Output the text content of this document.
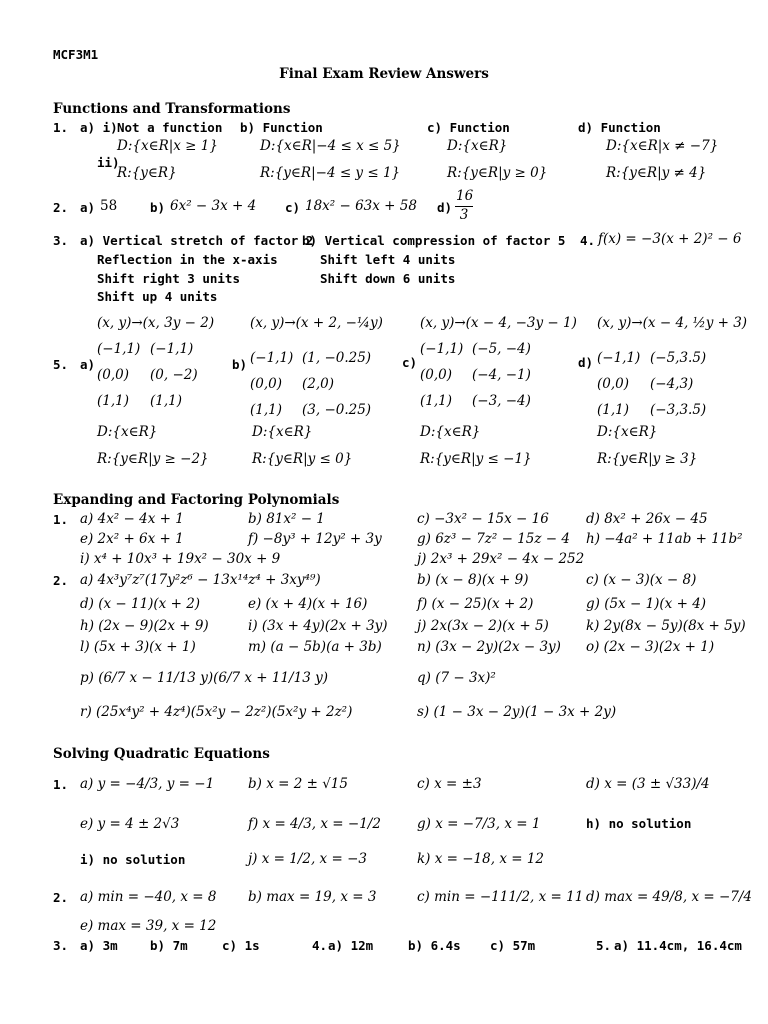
MCF3M1
Final Exam Review Answers
Functions and Transformations
1. a) i) Not a function
ii)
D:{x∈R|x ≥ 1}
R:{y∈R}
b) Function
D:{x∈R|−4 ≤ x ≤ 5}
R:{y∈R|−4 ≤ y ≤ 1}
c) Function
D:{x∈R}
R:{y∈R|y ≥ 0}
d) Function
D:{x∈R|x ≠ −7}
R:{y∈R|y ≠ 4}
2. a) 58	b) 6x² − 3x + 4 c) 18x² − 63x + 58 d)
16
3
3. a) Vertical stretch of factor 2
Reflection in the x-axis
Shift right 3 units
Shift up 4 units
b) Vertical compression of factor 5
Shift left 4 units
Shift down 6 units
4. f(x) = −3(x + 2)² − 6
5. a)
(x, y)→(x, 3y − 2)
(−1,1) (−1,1)
(0,0) (0, −2)
(1,1) (1,1)
D:{x∈R}
R:{y∈R|y ≥ −2}
b)
(x, y)→(x + 2, −¼y)
(−1,1) (1, −0.25)
(0,0) (2,0)
(1,1) (3, −0.25)
D:{x∈R}
R:{y∈R|y ≤ 0}
c)
(x, y)→(x − 4, −3y − 1)
(−1,1) (−5, −4)
(0,0) (−4, −1)
(1,1) (−3, −4)
D:{x∈R}
R:{y∈R|y ≤ −1}
d)
(x, y)→(x − 4, ½y + 3)
(−1,1) (−5,3.5)
(0,0) (−4,3)
(1,1) (−3,3.5)
D:{x∈R}
R:{y∈R|y ≥ 3}
Expanding and Factoring Polynomials
1. a) 4x² − 4x + 1	b) 81x² − 1	c) −3x² − 15x − 16	d) 8x² + 26x − 45
e) 2x² + 6x + 1	f) −8y³ + 12y² + 3y	g) 6z³ − 7z² − 15z − 4 h) −4a² + 11ab + 11b²
i) x⁴ + 10x³ + 19x² − 30x + 9	j) 2x³ + 29x² − 4x − 252
2. a) 4x³y⁷z⁷(17y²z⁶ − 13x¹⁴z⁴ + 3xy⁴⁹)	b) (x − 8)(x + 9)	c) (x − 3)(x − 8)
d) (x − 11)(x + 2)	e) (x + 4)(x + 16)	f) (x − 25)(x + 2)	g) (5x − 1)(x + 4)
h) (2x − 9)(2x + 9)	i) (3x + 4y)(2x + 3y) j) 2x(3x − 2)(x + 5)	k) 2y(8x − 5y)(8x + 5y)
l) (5x + 3)(x + 1)	m) (a − 5b)(a + 3b)	n) (3x − 2y)(2x − 3y) o) (2x − 3)(2x + 1)
p) (6/7 x − 11/13 y)(6/7 x + 11/13 y)	q) (7 − 3x)²
r) (25x⁴y² + 4z⁴)(5x²y − 2z²)(5x²y + 2z²)	s) (1 − 3x − 2y)(1 − 3x + 2y)
Solving Quadratic Equations
1. a) y = −4/3, y = −1	b) x = 2 ± √15	c) x = ±3	d) x = (3 ± √33)/4
e) y = 4 ± 2√3	f) x = 4/3, x = −1/2	g) x = −7/3, x = 1	h) no solution
i) no solution	j) x = 1/2, x = −3	k) x = −18, x = 12
2. a) min = −40, x = 8 b) max = 19, x = 3	c) min = −111/2, x = 11 d) max = 49/8, x = −7/4
e) max = 39, x = 12
3. a) 3m	b) 7m	c) 1s	4. a) 12m	b) 6.4s c) 57m	5. a) 11.4cm, 16.4cm
